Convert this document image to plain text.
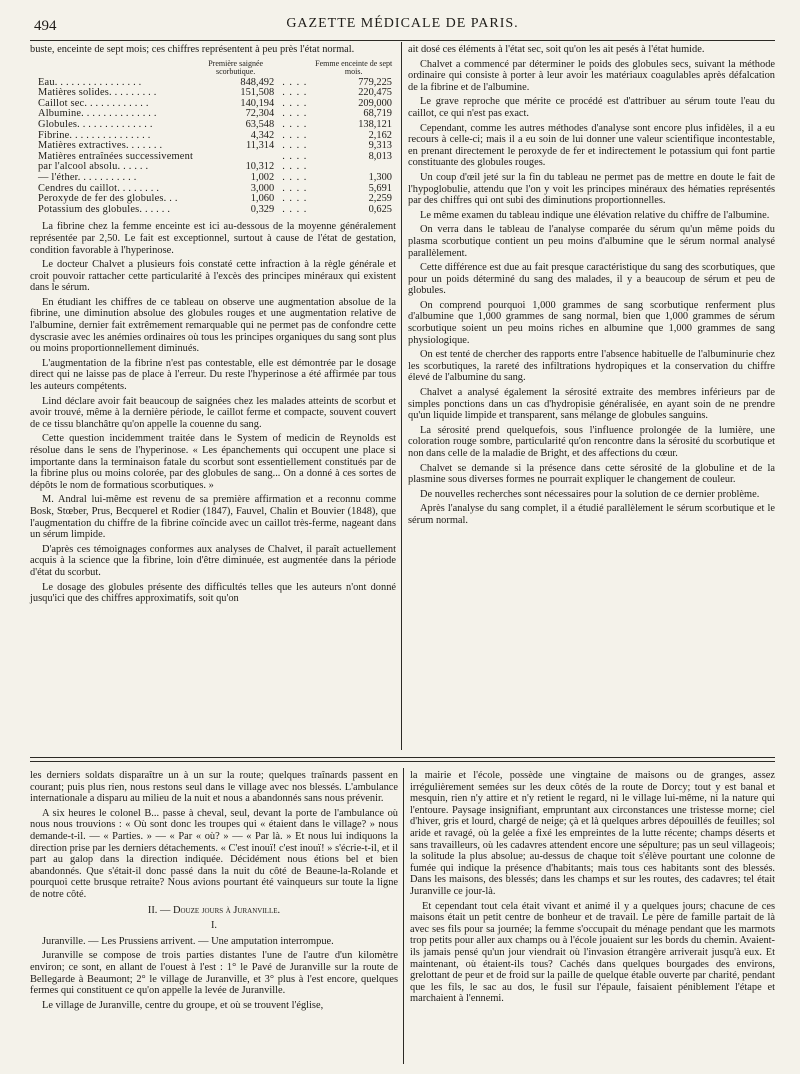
494	GAZETTE MÉDICALE DE PARIS.

buste, enceinte de sept mois; ces chiffres représentent à peu près l'état normal.

	Première saignée scorbutique.		Femme enceinte de sept mois.
Eau. . . . . . . . . . . . . . . .	848,492	. . . .	779,225
Matières solides. . . . . . . . .	151,508	. . . .	220,475
Caillot sec. . . . . . . . . . . .	140,194	. . . .	209,000
Albumine. . . . . . . . . . . . . .	72,304	. . . .	68,719
Globules. . . . . . . . . . . . . .	63,548	. . . .	138,121
Fibrine. . . . . . . . . . . . . . .	4,342	. . . .	2,162
Matières extractives. . . . . . .	11,314	. . . .	9,313
Matières entraînées successivement		. . . .	8,013
par l'alcool absolu. . . . . .	10,312	. . . .	
— l'éther. . . . . . . . . . .	1,002	. . . .	1,300
Cendres du caillot. . . . . . . .	3,000	. . . .	5,691
Peroxyde de fer des globules. . .	1,060	. . . .	2,259
Potassium des globules. . . . . .	0,329	. . . .	0,625

La fibrine chez la femme enceinte est ici au-dessous de la moyenne généralement représentée par 2,50. Le fait est exceptionnel, surtout à cause de l'état de gestation, condition favorable à l'hyperinose.

Le docteur Chalvet a plusieurs fois constaté cette infraction à la règle générale et croit pouvoir rattacher cette particularité à l'excès des principes minéraux qui existent dans le sérum.

En étudiant les chiffres de ce tableau on observe une augmentation absolue de la fibrine, une diminution absolue des globules rouges et une augmentation relative de l'albumine, dernier fait extrêmement remarquable qui ne permet pas de confondre cette dyscrasie avec les anémies ordinaires où tous les principes organiques du sang sont plus ou moins proportionnellement diminués.

L'augmentation de la fibrine n'est pas contestable, elle est démontrée par le dosage direct qui ne laisse pas de place à l'erreur. Du reste l'hyperinose a été affirmée par tous les auteurs compétents.

Lind déclare avoir fait beaucoup de saignées chez les malades atteints de scorbut et avoir trouvé, même à la dernière période, le caillot ferme et compacte, souvent couvert de ce tissu blanchâtre qu'on appelle la couenne du sang.

Cette question incidemment traitée dans le System of medicin de Reynolds est résolue dans le sens de l'hyperinose. « Les épanchements qui occupent une place si importante dans la terminaison fatale du scorbut sont essentiellement constitués par de la fibrine plus ou moins colorée, par des globules de sang... On a donné à ces sortes de dépôts le nom de formatious scorbutiques. »

M. Andral lui-même est revenu de sa première affirmation et a reconnu comme Bosk, Stœber, Prus, Becquerel et Rodier (1847), Fauvel, Chalin et Bouvier (1848), que l'augmentation du chiffre de la fibrine coïncide avec un caillot très-ferme, nageant dans un sérum limpide.

D'après ces témoignages conformes aux analyses de Chalvet, il paraît actuellement acquis à la science que la fibrine, loin d'être diminuée, est augmentée dans la période d'état du scorbut.

Le dosage des globules présente des difficultés telles que les auteurs n'ont donné jusqu'ici que des chiffres approximatifs, soit qu'on

ait dosé ces éléments à l'état sec, soit qu'on les ait pesés à l'état humide.

Chalvet a commencé par déterminer le poids des globules secs, suivant la méthode ordinaire qui consiste à porter à leur avoir les matériaux coagulables après défalcation de la fibrine et de l'albumine.

Le grave reproche que mérite ce procédé est d'attribuer au sérum toute l'eau du caillot, ce qui n'est pas exact.

Cependant, comme les autres méthodes d'analyse sont encore plus infidèles, il a eu recours à celle-ci; mais il a eu soin de lui donner une valeur scientifique incontestable, en prenant directement le peroxyde de fer et indirectement le potassium qui font partie constituante des globules rouges.

Un coup d'œil jeté sur la fin du tableau ne permet pas de mettre en doute le fait de l'hypoglobulie, attendu que l'on y voit les principes minéraux des hématies représentés par des chiffres qui ont subi des diminutions proportionnelles.

Le même examen du tableau indique une élévation relative du chiffre de l'albumine.

On verra dans le tableau de l'analyse comparée du sérum qu'un même poids du plasma scorbutique contient un peu moins d'albumine que le sérum normal analysé parallèlement.

Cette différence est due au fait presque caractéristique du sang des scorbutiques, que pour un poids déterminé du sang des malades, il y a beaucoup de sérum et peu de globules.

On comprend pourquoi 1,000 grammes de sang scorbutique renferment plus d'albumine que 1,000 grammes de sang normal, bien que 1,000 grammes de sérum scorbutique soient un peu moins riches en albumine que 1,000 grammes de sang physiologique.

On est tenté de chercher des rapports entre l'absence habituelle de l'albuminurie chez les scorbutiques, la rareté des infiltrations hydropiques et la conservation du chiffre élevé de l'albumine du sang.

Chalvet a analysé également la sérosité extraite des membres inférieurs par de simples ponctions dans un cas d'hydropisie généralisée, en ayant soin de ne prendre qu'un liquide limpide et transparent, sans mélange de globules sanguins.

La sérosité prend quelquefois, sous l'influence prolongée de la lumière, une coloration rouge sombre, particularité qu'on rencontre dans la sérosité du scorbutique et non dans celle de la maladie de Bright, et des affections du cœur.

Chalvet se demande si la présence dans cette sérosité de la globuline et de la plasmine sous diverses formes ne pourrait expliquer le changement de couleur.

De nouvelles recherches sont nécessaires pour la solution de ce dernier problème.

Après l'analyse du sang complet, il a étudié parallèlement le sérum scorbutique et le sérum normal.

les derniers soldats disparaître un à un sur la route; quelques traînards passent en courant; puis plus rien, nous restons seul dans le village avec nos blessés. L'ambulance internationale a disparu au milieu de la nuit et nous a abandonnés sans nous prévenir.

A six heures le colonel B... passe à cheval, seul, devant la porte de l'ambulance où nous nous trouvions : « Où sont donc les troupes qui « étaient dans le village? » nous demande-t-il. — « Parties. » — « Par « où? » — « Par là. » Et nous lui indiquons la direction prise par les derniers détachements. « C'est inouï! c'est inouï! » s'écrie-t-il, et il part au galop dans la direction indiquée. Décidément nous étions bel et bien abandonnés. Que s'était-il donc passé dans la nuit du côté de Beaune-la-Rolande et pourquoi cette brusque retraite? Nous avions pourtant été vainqueurs sur toute la ligne de notre côté.

II. — Douze jours à Juranville.

I.

Juranville. — Les Prussiens arrivent. — Une amputation interrompue.

Juranville se compose de trois parties distantes l'une de l'autre d'un kilomètre environ; ce sont, en allant de l'ouest à l'est : 1° le Pavé de Juranville sur la route de Bellegarde à Beaumont; 2° le village de Juranville, et 3° plus à l'est encore, quelques fermes qui constituent ce qu'on appelle la levée de Juranville.

Le village de Juranville, centre du groupe, et où se trouvent l'église,

la mairie et l'école, possède une vingtaine de maisons ou de granges, assez irrégulièrement semées sur les deux côtés de la route de Dorcy; tout y est banal et mesquin, rien n'y attire et n'y retient le regard, ni le village lui-même, ni la nature qui l'entoure. Paysage insignifiant, empruntant aux circonstances une tristesse morne; ciel d'hiver, gris et lourd, chargé de neige; çà et là quelques arbres dépouillés de feuilles; sol aride et ravagé, où la gelée a fixé les empreintes de la lutte récente; champs déserts et sans travailleurs, où les cadavres attendent encore une sépulture; pas un seul villageois; la solitude la plus absolue; au-dessus de chaque toit s'élève pourtant une colonne de fumée qui indique la présence d'habitants; mais tous ces habitants sont des blessés. Dans les maisons, des blessés; dans les champs et sur les routes, des cadavres; tel était Juranville ce jour-là.

Et cependant tout cela était vivant et animé il y a quelques jours; chacune de ces maisons était un petit centre de bonheur et de travail. Le père de famille partait de là avec ses fils pour sa journée; la femme s'occupait du ménage pendant que les marmots trop petits pour aller aux champs ou à l'école jouaient sur les bords du chemin. Avaient-ils jamais pensé qu'un jour viendrait où l'invasion étrangère arriverait jusqu'à eux. Et maintenant, où étaient-ils tous? Cachés dans quelques bourgades des environs, grelottant de peur et de froid sur la paille de quelque étable ouverte par charité, pendant que les fils, le sac au dos, le fusil sur l'épaule, faisaient péniblement l'étape et marchaient à l'ennemi.
